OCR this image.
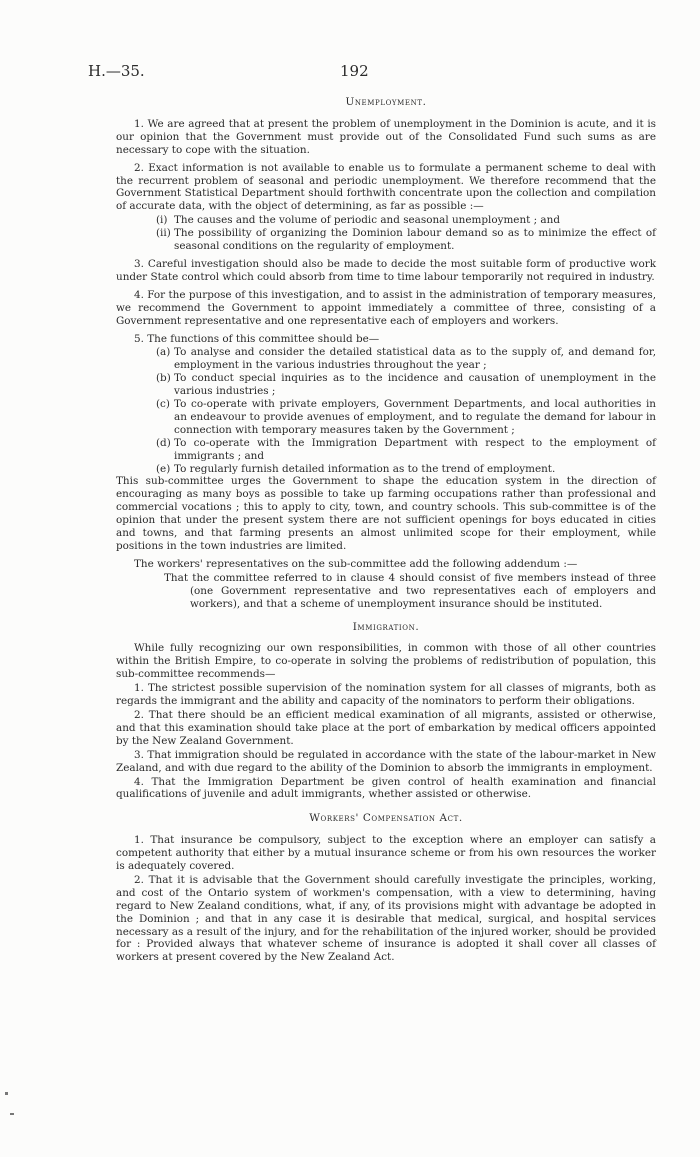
H.—35.	192
Unemployment.

1. We are agreed that at present the problem of unemployment in the Dominion is acute, and it is our opinion that the Government must provide out of the Consolidated Fund such sums as are necessary to cope with the situation.

2. Exact information is not available to enable us to formulate a permanent scheme to deal with the recurrent problem of seasonal and periodic unemployment. We therefore recommend that the Government Statistical Department should forthwith concentrate upon the collection and compilation of accurate data, with the object of determining, as far as possible :—

(i) The causes and the volume of periodic and seasonal unemployment ; and
(ii) The possibility of organizing the Dominion labour demand so as to minimize the effect of seasonal conditions on the regularity of employment.

3. Careful investigation should also be made to decide the most suitable form of productive work under State control which could absorb from time to time labour temporarily not required in industry.

4. For the purpose of this investigation, and to assist in the administration of temporary measures, we recommend the Government to appoint immediately a committee of three, consisting of a Government representative and one representative each of employers and workers.

5. The functions of this committee should be—

(a) To analyse and consider the detailed statistical data as to the supply of, and demand for, employment in the various industries throughout the year ;
(b) To conduct special inquiries as to the incidence and causation of unemployment in the various industries ;
(c) To co-operate with private employers, Government Departments, and local authorities in an endeavour to provide avenues of employment, and to regulate the demand for labour in connection with temporary measures taken by the Government ;
(d) To co-operate with the Immigration Department with respect to the employment of immigrants ; and
(e) To regularly furnish detailed information as to the trend of employment.

This sub-committee urges the Government to shape the education system in the direction of encouraging as many boys as possible to take up farming occupations rather than professional and commercial vocations ; this to apply to city, town, and country schools. This sub-committee is of the opinion that under the present system there are not sufficient openings for boys educated in cities and towns, and that farming presents an almost unlimited scope for their employment, while positions in the town industries are limited.

The workers' representatives on the sub-committee add the following addendum :—

That the committee referred to in clause 4 should consist of five members instead of three (one Government representative and two representatives each of employers and workers), and that a scheme of unemployment insurance should be instituted.

Immigration.

While fully recognizing our own responsibilities, in common with those of all other countries within the British Empire, to co-operate in solving the problems of redistribution of population, this sub-committee recommends—

1. The strictest possible supervision of the nomination system for all classes of migrants, both as regards the immigrant and the ability and capacity of the nominators to perform their obligations.

2. That there should be an efficient medical examination of all migrants, assisted or otherwise, and that this examination should take place at the port of embarkation by medical officers appointed by the New Zealand Government.

3. That immigration should be regulated in accordance with the state of the labour-market in New Zealand, and with due regard to the ability of the Dominion to absorb the immigrants in employment.

4. That the Immigration Department be given control of health examination and financial qualifications of juvenile and adult immigrants, whether assisted or otherwise.

Workers' Compensation Act.

1. That insurance be compulsory, subject to the exception where an employer can satisfy a competent authority that either by a mutual insurance scheme or from his own resources the worker is adequately covered.

2. That it is advisable that the Government should carefully investigate the principles, working, and cost of the Ontario system of workmen's compensation, with a view to determining, having regard to New Zealand conditions, what, if any, of its provisions might with advantage be adopted in the Dominion ; and that in any case it is desirable that medical, surgical, and hospital services necessary as a result of the injury, and for the rehabilitation of the injured worker, should be provided for : Provided always that whatever scheme of insurance is adopted it shall cover all classes of workers at present covered by the New Zealand Act.
